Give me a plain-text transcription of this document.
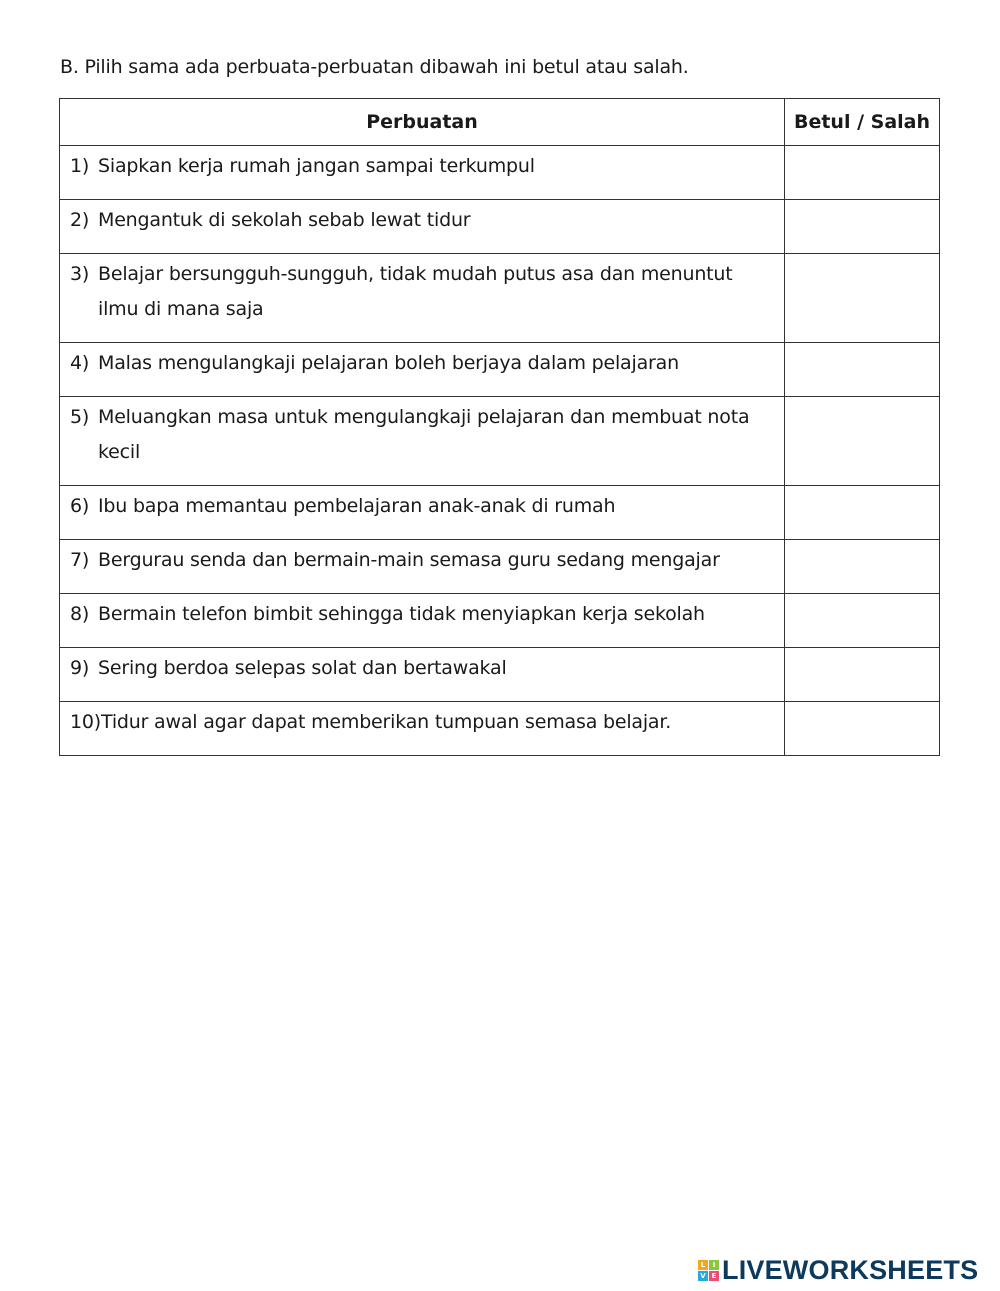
B. Pilih sama ada perbuata-perbuatan dibawah ini betul atau salah.
Perbuatan	Betul / Salah

1) Siapkan kerja rumah jangan sampai terkumpul	

2) Mengantuk di sekolah sebab lewat tidur	

3) Belajar bersungguh-sungguh, tidak mudah putus asa dan menuntut ilmu di mana saja	

4) Malas mengulangkaji pelajaran boleh berjaya dalam pelajaran	

5) Meluangkan masa untuk mengulangkaji pelajaran dan membuat nota kecil	

6) Ibu bapa memantau pembelajaran anak-anak di rumah	

7) Bergurau senda dan bermain-main semasa guru sedang mengajar	

8) Bermain telefon bimbit sehingga tidak menyiapkan kerja sekolah	

9) Sering berdoa selepas solat dan bertawakal	

10) Tidur awal agar dapat memberikan tumpuan semasa belajar.	

L	I
V E LIVEWORKSHEETS
